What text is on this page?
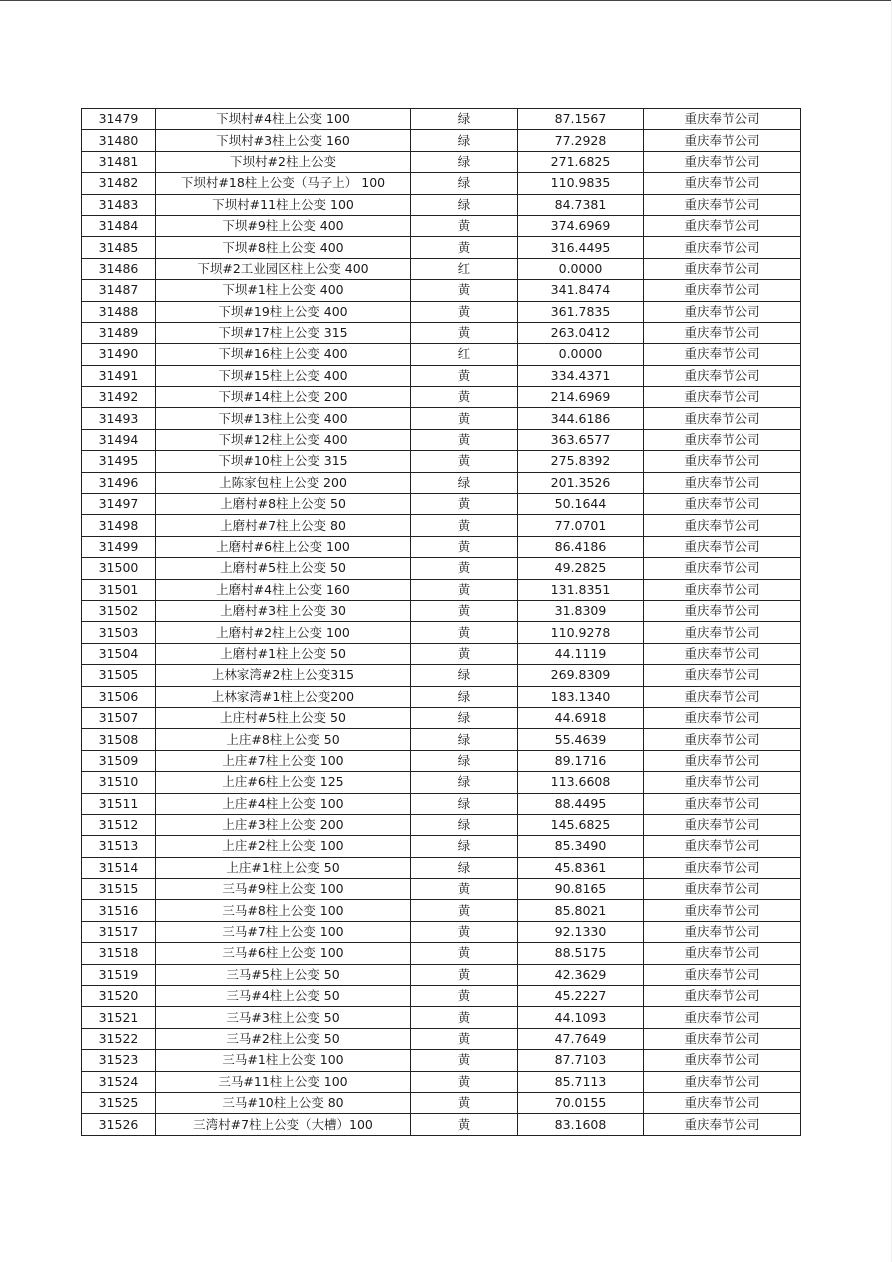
31479	下坝村#4柱上公变 100	绿	87.1567	重庆奉节公司
31480	下坝村#3柱上公变 160	绿	77.2928	重庆奉节公司
31481	下坝村#2柱上公变	绿	271.6825	重庆奉节公司
31482	下坝村#18柱上公变（马子上） 100	绿	110.9835	重庆奉节公司
31483	下坝村#11柱上公变 100	绿	84.7381	重庆奉节公司
31484	下坝#9柱上公变 400	黄	374.6969	重庆奉节公司
31485	下坝#8柱上公变 400	黄	316.4495	重庆奉节公司
31486	下坝#2工业园区柱上公变 400	红	0.0000	重庆奉节公司
31487	下坝#1柱上公变 400	黄	341.8474	重庆奉节公司
31488	下坝#19柱上公变 400	黄	361.7835	重庆奉节公司
31489	下坝#17柱上公变 315	黄	263.0412	重庆奉节公司
31490	下坝#16柱上公变 400	红	0.0000	重庆奉节公司
31491	下坝#15柱上公变 400	黄	334.4371	重庆奉节公司
31492	下坝#14柱上公变 200	黄	214.6969	重庆奉节公司
31493	下坝#13柱上公变 400	黄	344.6186	重庆奉节公司
31494	下坝#12柱上公变 400	黄	363.6577	重庆奉节公司
31495	下坝#10柱上公变 315	黄	275.8392	重庆奉节公司
31496	上陈家包柱上公变 200	绿	201.3526	重庆奉节公司
31497	上磨村#8柱上公变 50	黄	50.1644	重庆奉节公司
31498	上磨村#7柱上公变 80	黄	77.0701	重庆奉节公司
31499	上磨村#6柱上公变 100	黄	86.4186	重庆奉节公司
31500	上磨村#5柱上公变 50	黄	49.2825	重庆奉节公司
31501	上磨村#4柱上公变 160	黄	131.8351	重庆奉节公司
31502	上磨村#3柱上公变 30	黄	31.8309	重庆奉节公司
31503	上磨村#2柱上公变 100	黄	110.9278	重庆奉节公司
31504	上磨村#1柱上公变 50	黄	44.1119	重庆奉节公司
31505	上林家湾#2柱上公变315	绿	269.8309	重庆奉节公司
31506	上林家湾#1柱上公变200	绿	183.1340	重庆奉节公司
31507	上庄村#5柱上公变 50	绿	44.6918	重庆奉节公司
31508	上庄#8柱上公变 50	绿	55.4639	重庆奉节公司
31509	上庄#7柱上公变 100	绿	89.1716	重庆奉节公司
31510	上庄#6柱上公变 125	绿	113.6608	重庆奉节公司
31511	上庄#4柱上公变 100	绿	88.4495	重庆奉节公司
31512	上庄#3柱上公变 200	绿	145.6825	重庆奉节公司
31513	上庄#2柱上公变 100	绿	85.3490	重庆奉节公司
31514	上庄#1柱上公变 50	绿	45.8361	重庆奉节公司
31515	三马#9柱上公变 100	黄	90.8165	重庆奉节公司
31516	三马#8柱上公变 100	黄	85.8021	重庆奉节公司
31517	三马#7柱上公变 100	黄	92.1330	重庆奉节公司
31518	三马#6柱上公变 100	黄	88.5175	重庆奉节公司
31519	三马#5柱上公变 50	黄	42.3629	重庆奉节公司
31520	三马#4柱上公变 50	黄	45.2227	重庆奉节公司
31521	三马#3柱上公变 50	黄	44.1093	重庆奉节公司
31522	三马#2柱上公变 50	黄	47.7649	重庆奉节公司
31523	三马#1柱上公变 100	黄	87.7103	重庆奉节公司
31524	三马#11柱上公变 100	黄	85.7113	重庆奉节公司
31525	三马#10柱上公变 80	黄	70.0155	重庆奉节公司
31526	三湾村#7柱上公变（大槽）100	黄	83.1608	重庆奉节公司
